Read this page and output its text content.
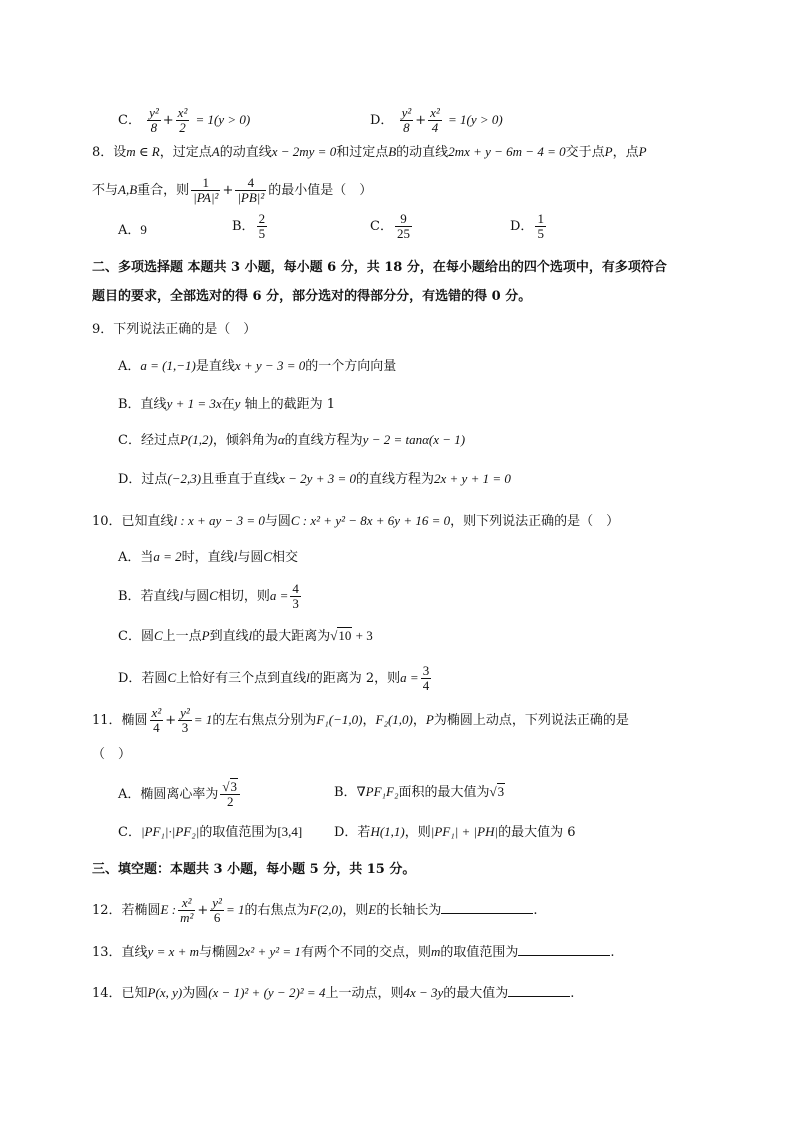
C． $\frac{\text{y²}}{8} + \frac{\text{x²}}{2} = 1(y > 0)$	D． $\frac{\text{y²}}{8} + \frac{\text{x²}}{4} = 1(y > 0)$
8．设m ∈ R，过定点A的动直线x − 2my = 0和过定点B的动直线2mx + y − 6m − 4 = 0交于点P，点P
不与A,B重合，则 $\frac{1}{\text{|PA|²}} + \frac{4}{\text{|PB|²}}$ 的最小值是（　）
A．9	B． $\frac{2}{5}$	C． $\frac{9}{25}$	D． $\frac{1}{5}$
二、多项选择题 本题共 3 小题，每小题 6 分，共 18 分，在每小题给出的四个选项中，有多项符合
题目的要求，全部选对的得 6 分，部分选对的得部分分，有选错的得 0 分。
9．下列说法正确的是（　）
A．a = (1,−1)是直线x + y − 3 = 0的一个方向向量
B．直线y + 1 = 3x在y 轴上的截距为 1
C．经过点P(1,2)，倾斜角为α的直线方程为y − 2 = tanα(x − 1)
D．过点(−2,3)且垂直于直线x − 2y + 3 = 0的直线方程为2x + y + 1 = 0
10．已知直线l : x + ay − 3 = 0与圆C : x² + y² − 8x + 6y + 16 = 0，则下列说法正确的是（　）
A．当a = 2时，直线l与圆C相交
B．若直线l与圆C相切，则$a = \frac{4}{3}$
C．圆C上一点P到直线l的最大距离为√10 + 3
D．若圆C上恰好有三个点到直线l的距离为 2，则$a = \frac{3}{4}$
11．椭圆 $\frac{\text{x²}}{4} + \frac{\text{y²}}{3} = 1$的左右焦点分别为F₁(−1,0)，F₂(1,0)，P为椭圆上动点，下列说法正确的是
（　）
A．椭圆离心率为 $\frac{√3}{2}$	B．∇PF₁F₂面积的最大值为√3
C．|PF₁|·|PF₂|的取值范围为[3,4] D．若H(1,1)，则|PF₁| + |PH|的最大值为 6
三、填空题：本题共 3 小题，每小题 5 分，共 15 分。
12．若椭圆E : $\frac{\text{x²}}{\text{m²}} + \frac{\text{y²}}{6} = 1$的右焦点为F(2,0)，则E的长轴长为	.
13．直线y = x + m与椭圆2x² + y² = 1有两个不同的交点，则m的取值范围为	.
14．已知P(x, y)为圆(x − 1)² + (y − 2)² = 4上一动点，则4x − 3y的最大值为	.
